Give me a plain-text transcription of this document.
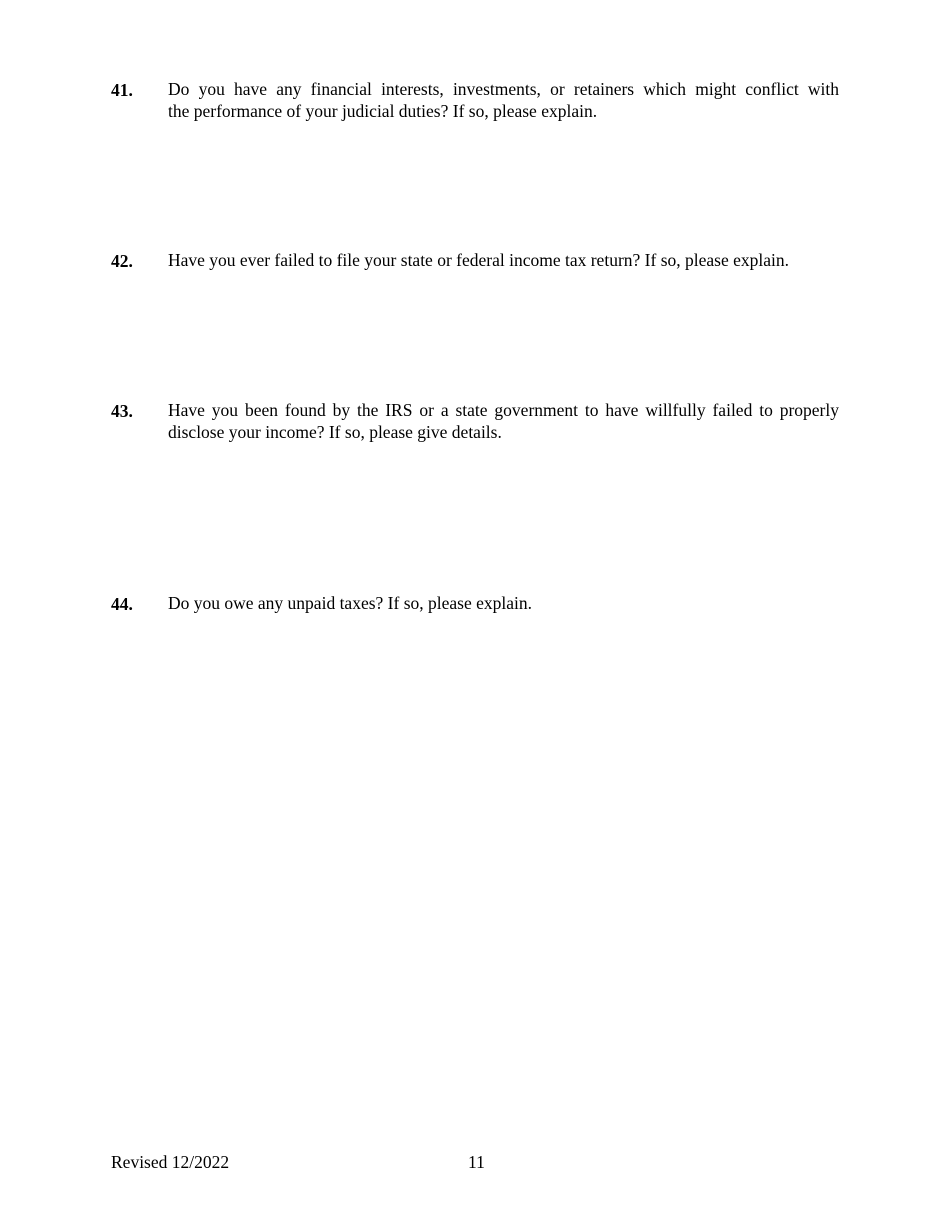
41. Do you have any financial interests, investments, or retainers which might conflict with
the performance of your judicial duties? If so, please explain.
42. Have you ever failed to file your state or federal income tax return? If so, please explain.
43. Have you been found by the IRS or a state government to have willfully failed to properly
disclose your income? If so, please give details.
44. Do you owe any unpaid taxes? If so, please explain.
Revised 12/2022	11
